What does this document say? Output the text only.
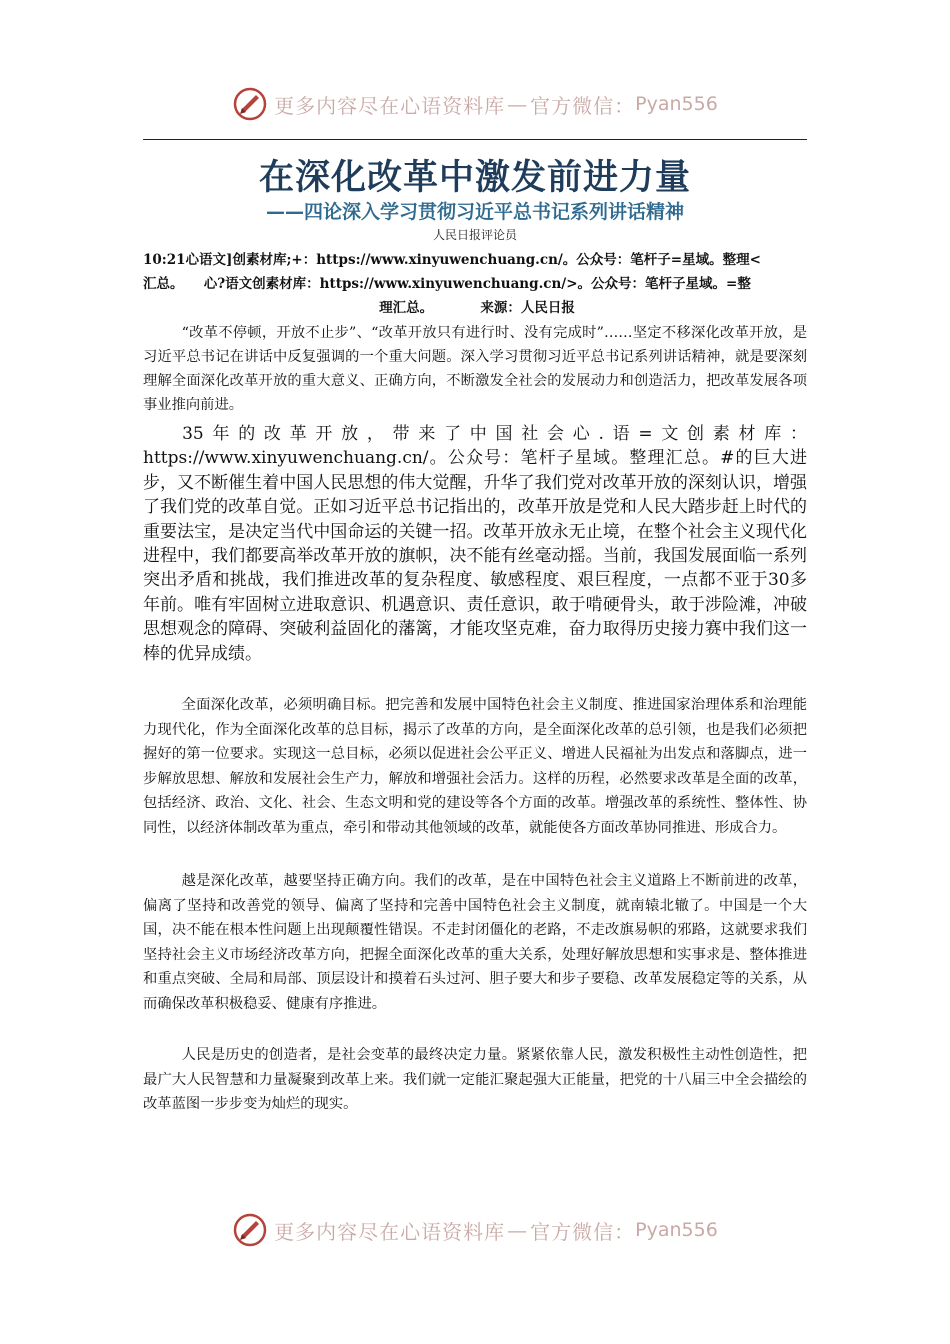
更多内容尽在心语资料库 — 官方微信： Pyan556
在深化改革中激发前进力量
——四论深入学习贯彻习近平总书记系列讲话精神
人民日报评论员
10:21心语文]创素材库;+：https://www.xinyuwenchuang.cn/。公众号：笔杆子=星域。整理<
汇总。　　心?语文创素材库：https://www.xinyuwenchuang.cn/>。公众号：笔杆子星域。=整
理汇总。　　　　来源：人民日报

“改革不停顿，开放不止步”、“改革开放只有进行时、没有完成时”……坚定不移深化改革开放，是习近平总书记在讲话中反复强调的一个重大问题。深入学习贯彻习近平总书记系列讲话精神，就是要深刻理解全面深化改革开放的重大意义、正确方向，不断激发全社会的发展动力和创造活力，把改革发展各项事业推向前进。

35年的改革开放，带来了中国社会心.语=文创素材库：https://www.xinyuwenchuang.cn/。公众号：笔杆子星域。整理汇总。#的巨大进步，又不断催生着中国人民思想的伟大觉醒，升华了我们党对改革开放的深刻认识，增强了我们党的改革自觉。正如习近平总书记指出的，改革开放是党和人民大踏步赶上时代的重要法宝，是决定当代中国命运的关键一招。改革开放永无止境，在整个社会主义现代化进程中，我们都要高举改革开放的旗帜，决不能有丝毫动摇。当前，我国发展面临一系列突出矛盾和挑战，我们推进改革的复杂程度、敏感程度、艰巨程度，一点都不亚于30多年前。唯有牢固树立进取意识、机遇意识、责任意识，敢于啃硬骨头，敢于涉险滩，冲破思想观念的障碍、突破利益固化的藩篱，才能攻坚克难，奋力取得历史接力赛中我们这一棒的优异成绩。

全面深化改革，必须明确目标。把完善和发展中国特色社会主义制度、推进国家治理体系和治理能力现代化，作为全面深化改革的总目标，揭示了改革的方向，是全面深化改革的总引领，也是我们必须把握好的第一位要求。实现这一总目标，必须以促进社会公平正义、增进人民福祉为出发点和落脚点，进一步解放思想、解放和发展社会生产力，解放和增强社会活力。这样的历程，必然要求改革是全面的改革，包括经济、政治、文化、社会、生态文明和党的建设等各个方面的改革。增强改革的系统性、整体性、协同性，以经济体制改革为重点，牵引和带动其他领域的改革，就能使各方面改革协同推进、形成合力。

越是深化改革，越要坚持正确方向。我们的改革，是在中国特色社会主义道路上不断前进的改革，偏离了坚持和改善党的领导、偏离了坚持和完善中国特色社会主义制度，就南辕北辙了。中国是一个大国，决不能在根本性问题上出现颠覆性错误。不走封闭僵化的老路，不走改旗易帜的邪路，这就要求我们坚持社会主义市场经济改革方向，把握全面深化改革的重大关系，处理好解放思想和实事求是、整体推进和重点突破、全局和局部、顶层设计和摸着石头过河、胆子要大和步子要稳、改革发展稳定等的关系，从而确保改革积极稳妥、健康有序推进。

人民是历史的创造者，是社会变革的最终决定力量。紧紧依靠人民，激发积极性主动性创造性，把最广大人民智慧和力量凝聚到改革上来。我们就一定能汇聚起强大正能量，把党的十八届三中全会描绘的改革蓝图一步步变为灿烂的现实。

更多内容尽在心语资料库 — 官方微信： Pyan556
